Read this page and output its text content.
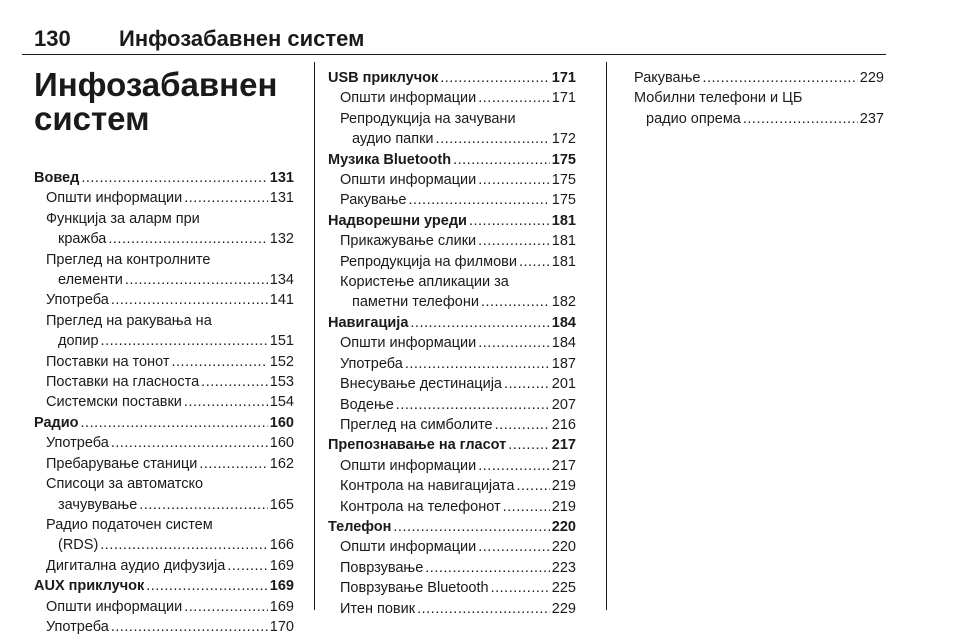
130 Инфозабавнен систем
Инфозабавнен
систем
Вовед .....	131
Општи информации .....	131
Функција за аларм при
кражба .....	132
Преглед на контролните
елементи .....	134
Употреба .....	141
Преглед на ракувања на
допир .....	151
Поставки на тонот .....	152
Поставки на гласноста .....	153
Системски поставки .....	154
Радио .....	160
Употреба .....	160
Пребарување станици .....	162
Списоци за автоматско
зачувување .....	165
Радио податочен систем
(RDS) .....	166
Дигитална аудио дифузија .....	169
AUX приклучок .....	169
Општи информации .....	169
Употреба .....	170
USB приклучок .....	171
Општи информации .....	171
Репродукција на зачувани
аудио папки .....	172
Музика Bluetooth .....	175
Општи информации .....	175
Ракување .....	175
Надворешни уреди .....	181
Прикажување слики .....	181
Репродукција на филмови ..... 181
Користење апликации за
паметни телефони .....	182
Навигација .....	184
Општи информации .....	184
Употреба .....	187
Внесување дестинација .....	201
Водење .....	207
Преглед на симболите .....	216
Препознавање на гласот .....	217
Општи информации .....	217
Контрола на навигацијата .....	219
Контрола на телефонот .....	219
Телефон .....	220
Општи информации .....	220
Поврзување .....	223
Поврзување Bluetooth .....	225
Итен повик .....	229
Ракување .....	229
Мобилни телефони и ЦБ
радио опрема .....	237
